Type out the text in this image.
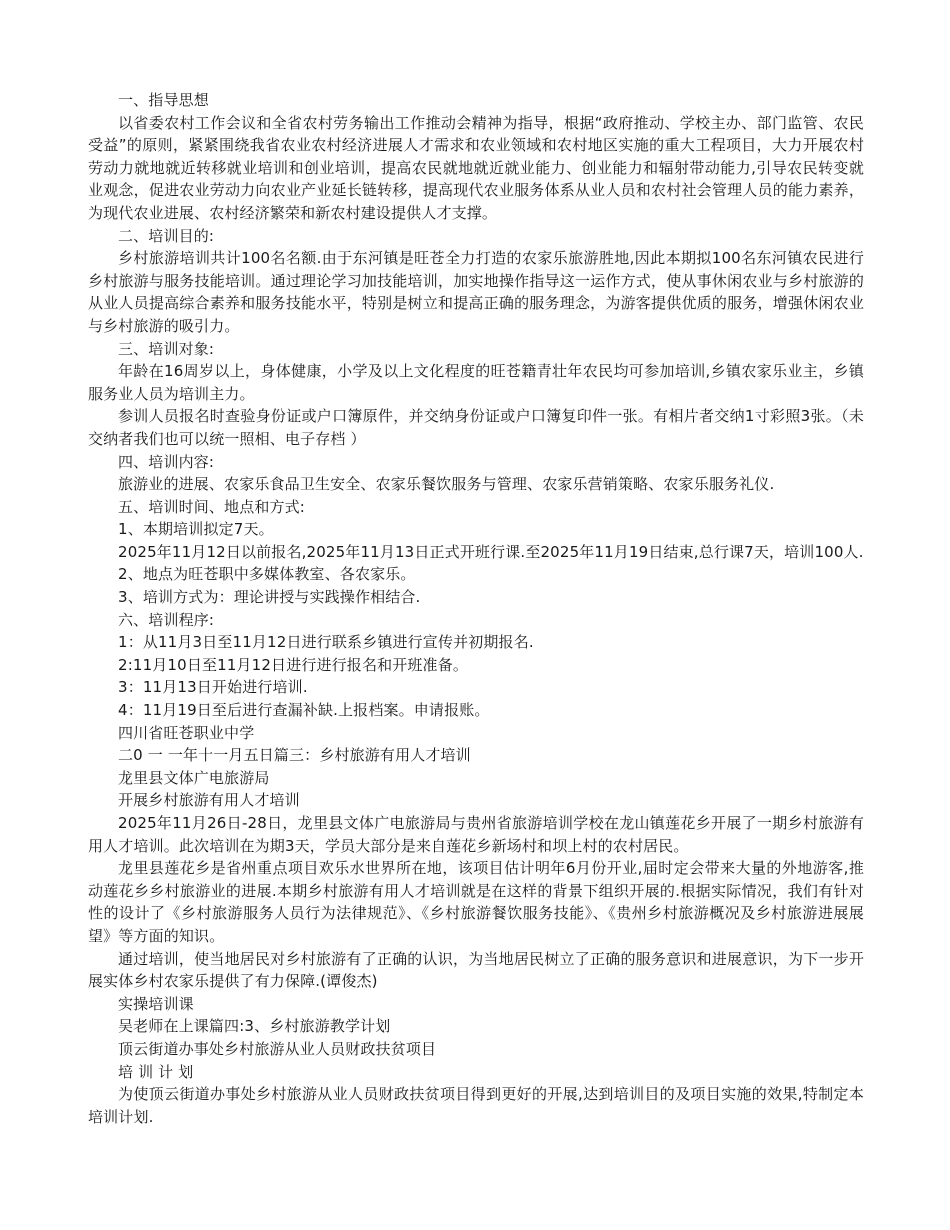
一、指导思想

以省委农村工作会议和全省农村劳务输出工作推动会精神为指导，根据“政府推动、学校主办、部门监管、农民受益”的原则，紧紧围绕我省农业农村经济进展人才需求和农业领域和农村地区实施的重大工程项目，大力开展农村劳动力就地就近转移就业培训和创业培训，提高农民就地就近就业能力、创业能力和辐射带动能力,引导农民转变就业观念，促进农业劳动力向农业产业延长链转移，提高现代农业服务体系从业人员和农村社会管理人员的能力素养，为现代农业进展、农村经济繁荣和新农村建设提供人才支撑。

二、培训目的:

乡村旅游培训共计100名名额.由于东河镇是旺苍全力打造的农家乐旅游胜地,因此本期拟100名东河镇农民进行乡村旅游与服务技能培训。通过理论学习加技能培训，加实地操作指导这一运作方式，使从事休闲农业与乡村旅游的从业人员提高综合素养和服务技能水平，特别是树立和提高正确的服务理念，为游客提供优质的服务，增强休闲农业与乡村旅游的吸引力。

三、培训对象:

年龄在16周岁以上，身体健康，小学及以上文化程度的旺苍籍青壮年农民均可参加培训,乡镇农家乐业主，乡镇服务业人员为培训主力。

参训人员报名时查验身份证或户口簿原件，并交纳身份证或户口簿复印件一张。有相片者交纳1寸彩照3张。（未交纳者我们也可以统一照相、电子存档 ）

四、培训内容:

旅游业的进展、农家乐食品卫生安全、农家乐餐饮服务与管理、农家乐营销策略、农家乐服务礼仪.

五、培训时间、地点和方式:

1、本期培训拟定7天。

2025年11月12日以前报名,2025年11月13日正式开班行课.至2025年11月19日结束,总行课7天，培训100人.

2、地点为旺苍职中多媒体教室、各农家乐。

3、培训方式为：理论讲授与实践操作相结合.

六、培训程序:

1：从11月3日至11月12日进行联系乡镇进行宣传并初期报名.

2:11月10日至11月12日进行进行报名和开班准备。

3：11月13日开始进行培训.

4：11月19日至后进行查漏补缺.上报档案。申请报账。

四川省旺苍职业中学

二0 一 一年十一月五日篇三：乡村旅游有用人才培训

龙里县文体广电旅游局

开展乡村旅游有用人才培训

2025年11月26日-28日，龙里县文体广电旅游局与贵州省旅游培训学校在龙山镇莲花乡开展了一期乡村旅游有用人才培训。此次培训在为期3天，学员大部分是来自莲花乡新场村和坝上村的农村居民。

龙里县莲花乡是省州重点项目欢乐水世界所在地，该项目估计明年6月份开业,届时定会带来大量的外地游客,推动莲花乡乡村旅游业的进展.本期乡村旅游有用人才培训就是在这样的背景下组织开展的.根据实际情况，我们有针对性的设计了《乡村旅游服务人员行为法律规范》、《乡村旅游餐饮服务技能》、《贵州乡村旅游概况及乡村旅游进展展望》等方面的知识。

通过培训，使当地居民对乡村旅游有了正确的认识，为当地居民树立了正确的服务意识和进展意识，为下一步开展实体乡村农家乐提供了有力保障.(谭俊杰)

实操培训课

吴老师在上课篇四:3、乡村旅游教学计划

顶云街道办事处乡村旅游从业人员财政扶贫项目

培 训 计 划

为使顶云街道办事处乡村旅游从业人员财政扶贫项目得到更好的开展,达到培训目的及项目实施的效果,特制定本培训计划.
